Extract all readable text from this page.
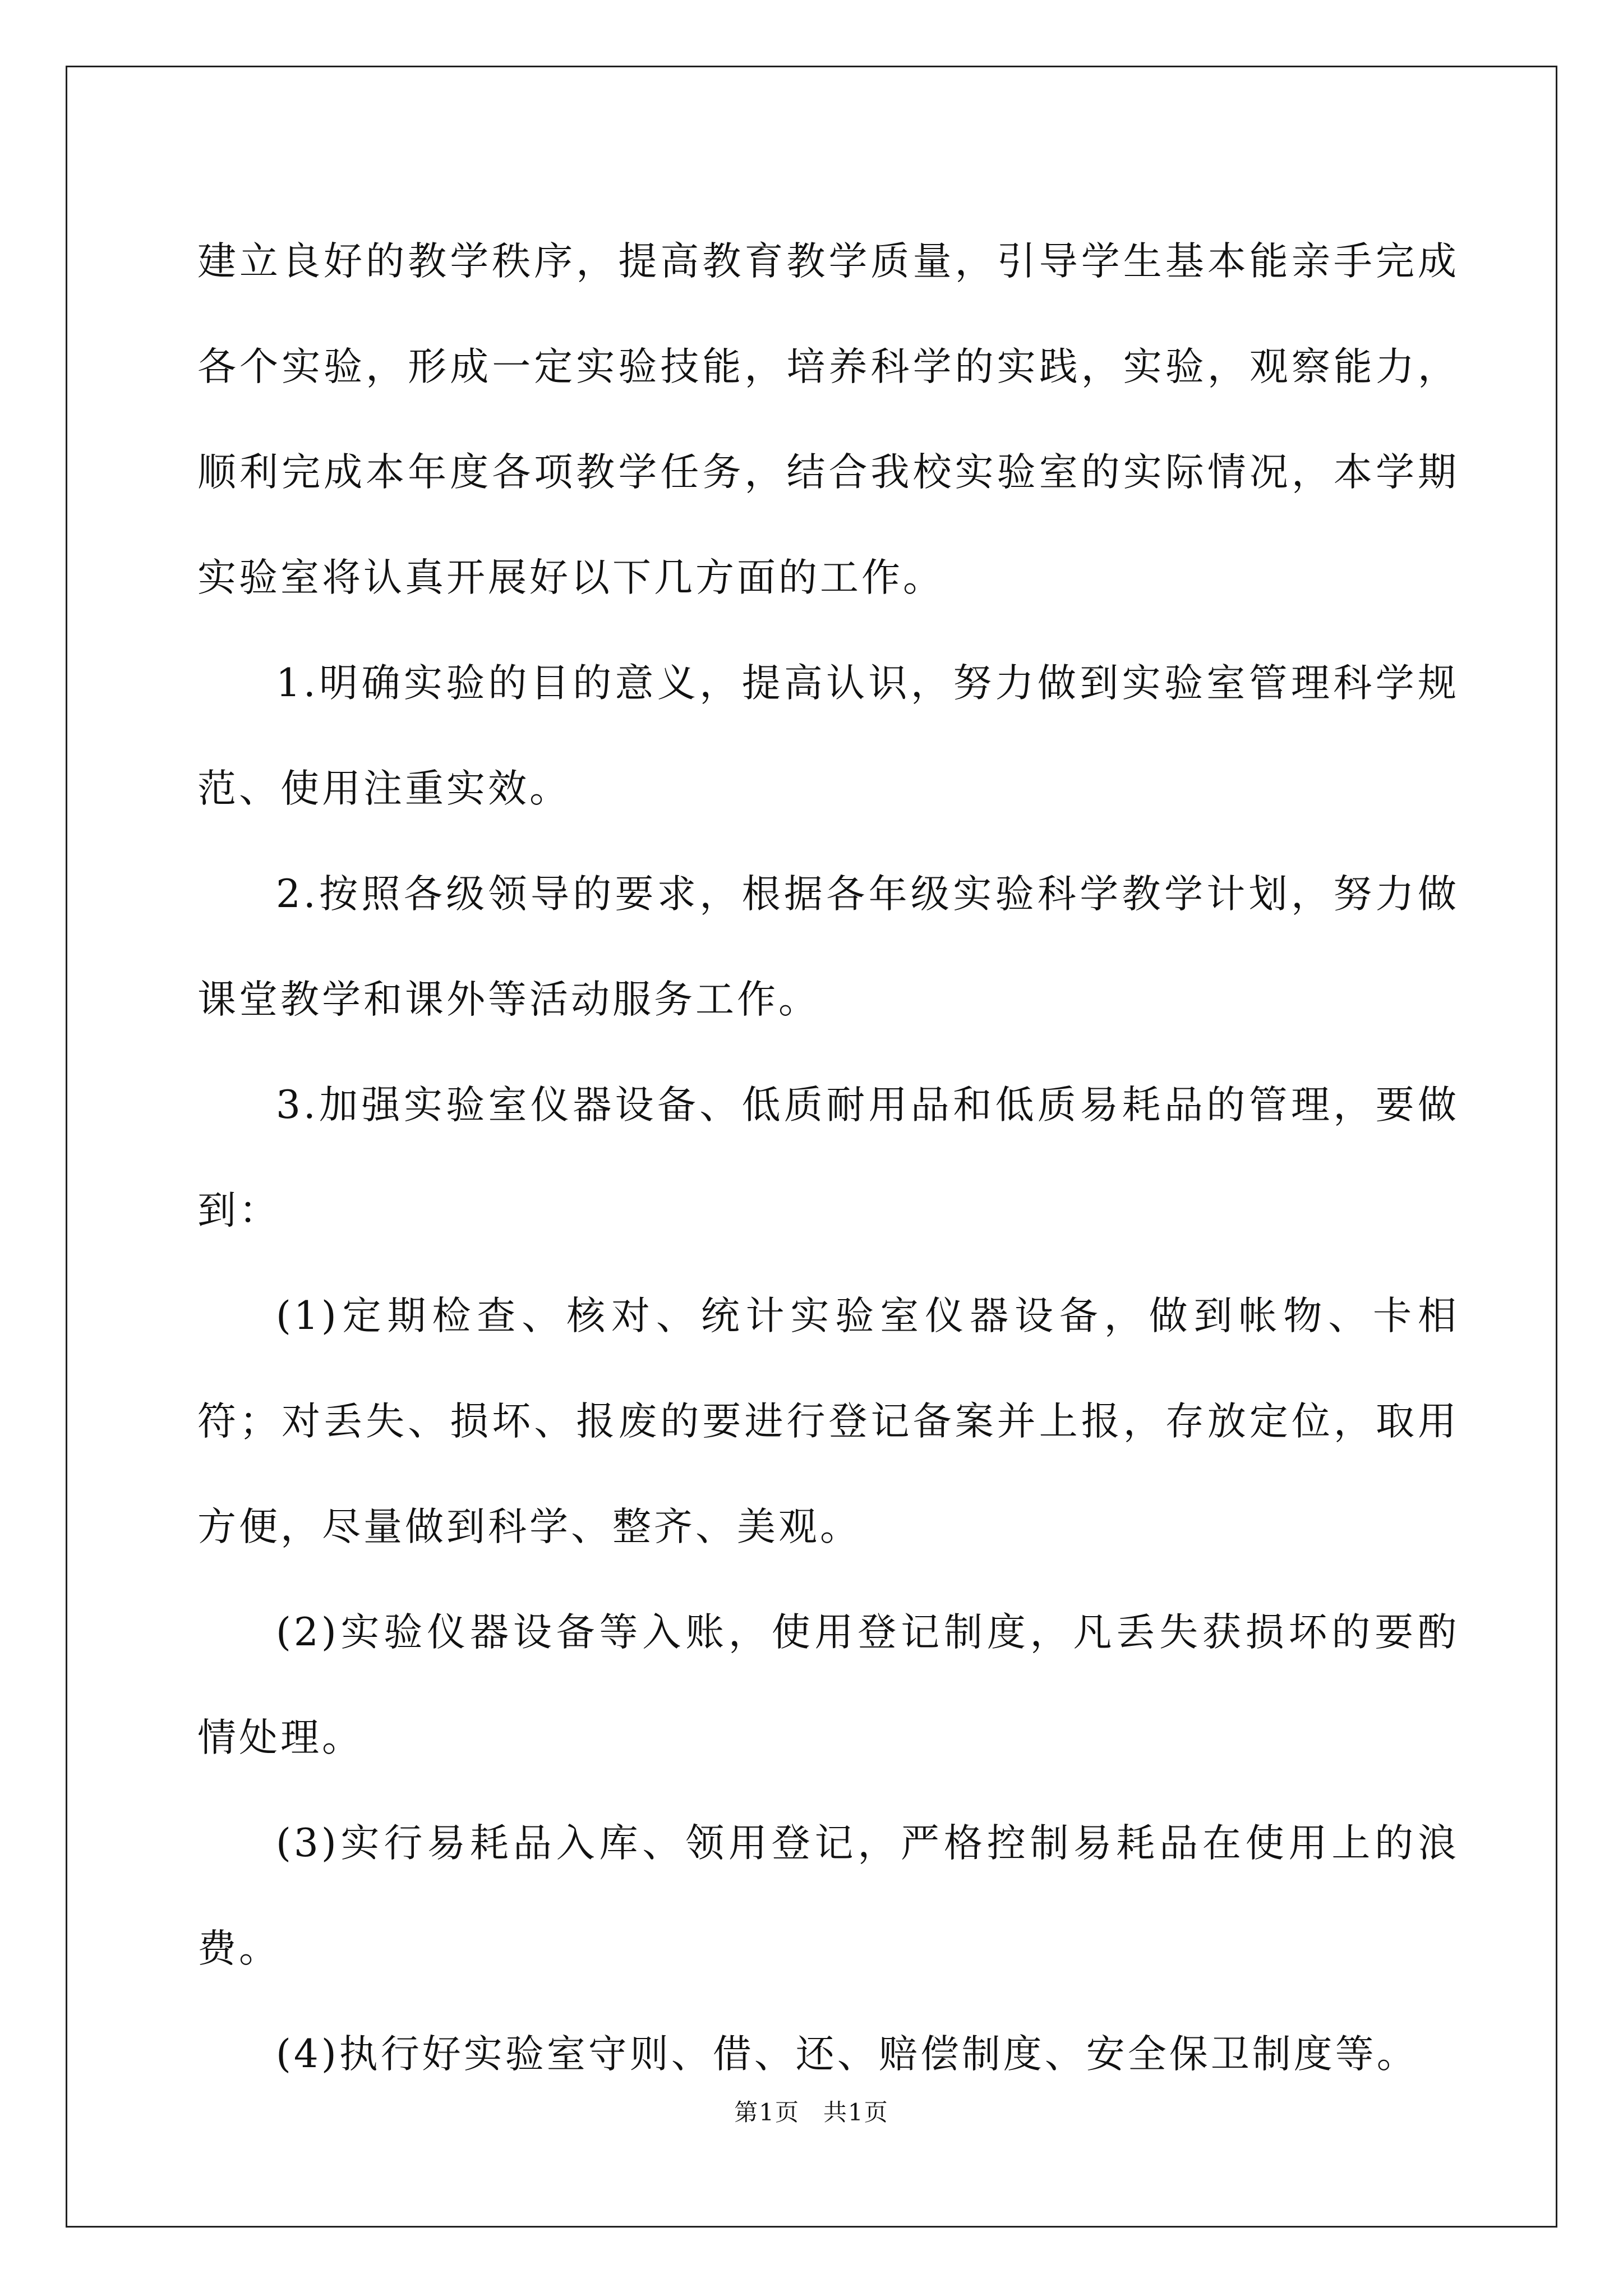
建立良好的教学秩序，提高教育教学质量，引导学生基本能亲手完成各个实验，形成一定实验技能，培养科学的实践，实验，观察能力，顺利完成本年度各项教学任务，结合我校实验室的实际情况，本学期实验室将认真开展好以下几方面的工作。

1.明确实验的目的意义，提高认识，努力做到实验室管理科学规范、使用注重实效。

2.按照各级领导的要求，根据各年级实验科学教学计划，努力做课堂教学和课外等活动服务工作。

3.加强实验室仪器设备、低质耐用品和低质易耗品的管理，要做到：

(1)定期检查、核对、统计实验室仪器设备，做到帐物、卡相符；对丢失、损坏、报废的要进行登记备案并上报，存放定位，取用方便，尽量做到科学、整齐、美观。

(2)实验仪器设备等入账，使用登记制度，凡丢失获损坏的要酌情处理。

(3)实行易耗品入库、领用登记，严格控制易耗品在使用上的浪费。

(4)执行好实验室守则、借、还、赔偿制度、安全保卫制度等。

第1页 共1页
